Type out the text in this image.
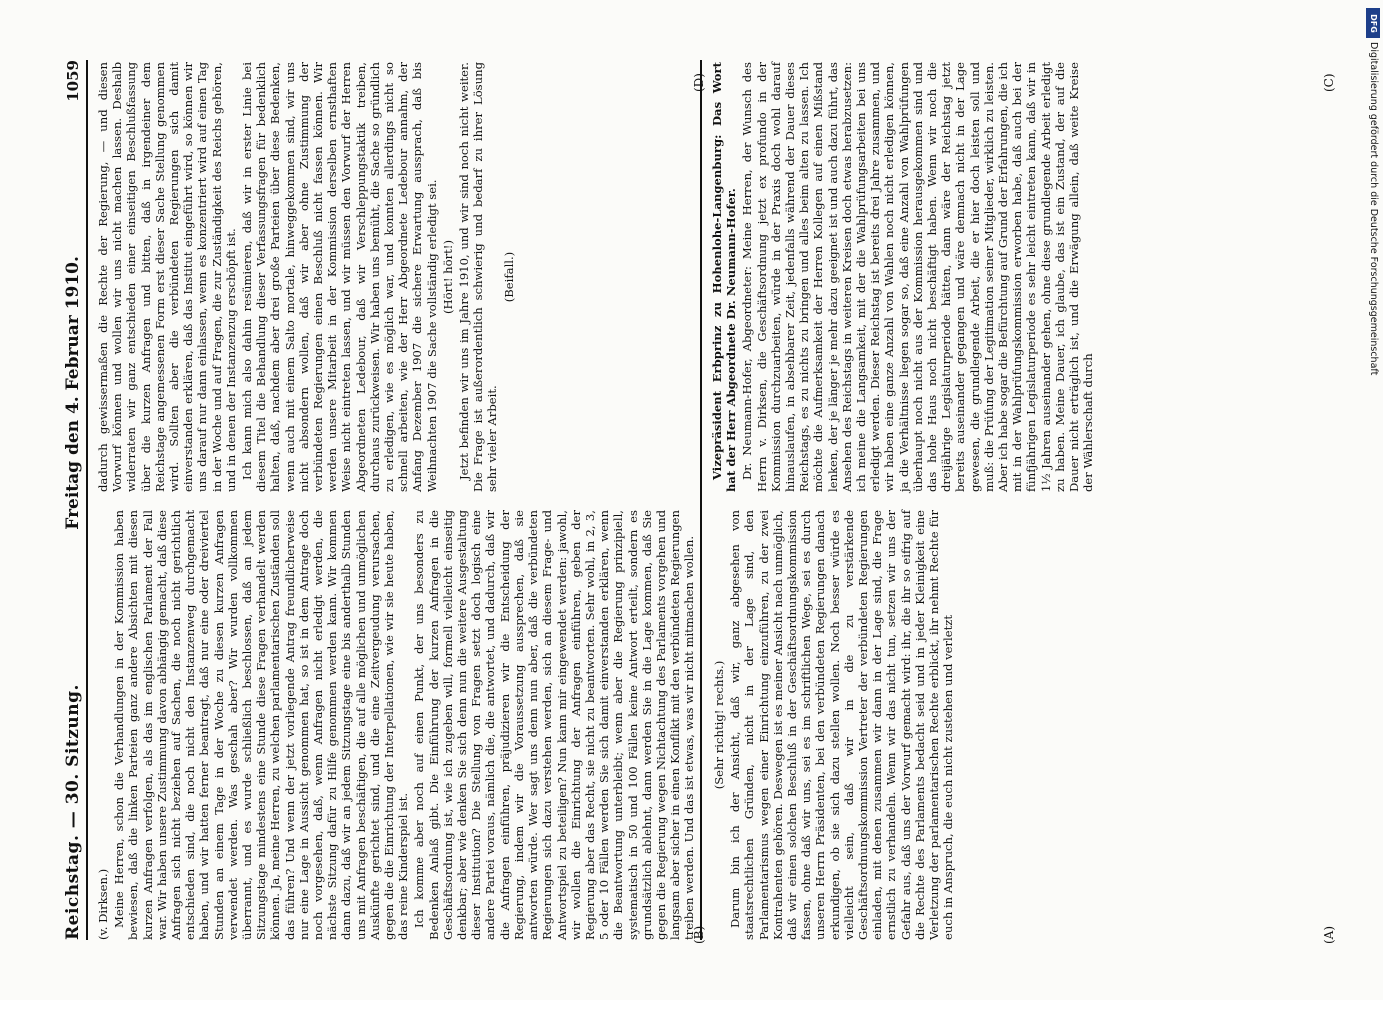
Reichstag. — 30. Sitzung.
Freitag den 4. Februar 1910.
1059

(v. Dirksen.) Meine Herren, schon die Verhandlungen in der Kommission haben bewiesen, daß die linken Parteien ganz andere Absichten mit diesen kurzen Anfragen verfolgen, als das im englischen Parlament der Fall war. Wir haben unsere Zustimmung davon abhängig gemacht, daß diese Anfragen sich nicht beziehen auf Sachen, die noch nicht gerichtlich entschieden sind, die noch nicht den Instanzenweg durchgemacht haben, und wir hatten ferner beantragt, daß nur eine oder dreiviertel Stunden an einem Tage in der Woche zu diesen kurzen Anfragen verwendet werden. Was geschah aber? Wir wurden vollkommen überrannt, und es wurde schließlich beschlossen, daß an jedem Sitzungstage mindestens eine Stunde diese Fragen verhandelt werden können. Ja, meine Herren, zu welchen parlamentarischen Zuständen soll das führen? Und wenn der jetzt vorliegende Antrag freundlicherweise nur eine Lage in Aussicht genommen hat, so ist in dem Antrage doch noch vorgesehen, daß, wenn Anfragen nicht erledigt werden, die nächste Sitzung dafür zu Hilfe genommen werden kann. Wir kommen dann dazu, daß wir an jedem Sitzungstage eine bis anderthalb Stunden uns mit Anfragen beschäftigen, die auf alle möglichen und unmöglichen Auskünfte gerichtet sind, und die eine Zeitvergeudung verursachen, gegen die die Einrichtung der Interpellationen, wie wir sie heute haben, das reine Kinderspiel ist. Ich komme aber noch auf einen Punkt, der uns besonders zu Bedenken Anlaß gibt. Die Einführung der kurzen Anfragen in die Geschäftsordnung ist, wie ich zugeben will, formell vielleicht einseitig denkbar; aber wie denken Sie sich denn nun die weitere Ausgestaltung dieser Institution? Die Stellung von Fragen setzt doch logisch eine andere Partei voraus, nämlich die, die antwortet, und dadurch, daß wir die Anfragen einführen, präjudizieren wir die Entscheidung der Regierung, indem wir die Voraussetzung aussprechen, daß sie antworten würde. Wer sagt uns denn nun aber, daß die verbündeten Regierungen sich dazu verstehen werden, sich an diesem Frage- und Antwortspiel zu beteiligen? Nun kann mir eingewendet werden: jawohl, wir wollen die Einrichtung der Anfragen einführen, geben der Regierung aber das Recht, sie nicht zu beantworten. Sehr wohl, in 2, 3, 5 oder 10 Fällen werden Sie sich damit einverstanden erklären, wenn die Beantwortung unterbleibt; wenn aber die Regierung prinzipiell, systematisch in 50 und 100 Fällen keine Antwort erteilt, sondern es grundsätzlich ablehnt, dann werden Sie in die Lage kommen, daß Sie gegen die Regierung wegen Nichtachtung des Parlaments vorgehen und langsam aber sicher in einen Konflikt mit den verbündeten Regierungen treiben werden. Und das ist etwas, was wir nicht mitmachen wollen. (Sehr richtig! rechts.) Darum bin ich der Ansicht, daß wir, ganz abgesehen von staatsrechtlichen Gründen, nicht in der Lage sind, den Parlamentarismus wegen einer Einrichtung einzuführen, zu der zwei Kontrahenten gehören. Deswegen ist es meiner Ansicht nach unmöglich, daß wir einen solchen Beschluß in der Geschäftsordnungskommission fassen, ohne daß wir uns, sei es im schriftlichen Wege, sei es durch unseren Herrn Präsidenten, bei den verbündeten Regierungen danach erkundigen, ob sie sich dazu stellen wollen. Noch besser würde es vielleicht sein, daß wir in die zu verstärkende Geschäftsordnungskommission Vertreter der verbündeten Regierungen einladen, mit denen zusammen wir dann in der Lage sind, die Frage ernstlich zu verhandeln. Wenn wir das nicht tun, setzen wir uns der Gefahr aus, daß uns der Vorwurf gemacht wird: ihr, die ihr so eifrig auf die Rechte des Parlaments bedacht seid und in jeder Kleinigkeit eine Verletzung der parlamentarischen Rechte erblickt, ihr nehmt Rechte für euch in Anspruch, die euch nicht zustehen und verletzt

dadurch gewissermaßen die Rechte der Regierung, — und diesen Vorwurf können und wollen wir uns nicht machen lassen. Deshalb widerraten wir ganz entschieden einer einseitigen Beschlußfassung über die kurzen Anfragen und bitten, daß in irgendeiner dem Reichstage angemessenen Form erst dieser Sache Stellung genommen wird. Sollten aber die verbündeten Regierungen sich damit einverstanden erklären, daß das Institut eingeführt wird, so können wir uns darauf nur dann einlassen, wenn es konzentriert wird auf einen Tag in der Woche und auf Fragen, die zur Zuständigkeit des Reichs gehören, und in denen der Instanzenzug erschöpft ist. Ich kann mich also dahin resümieren, daß wir in erster Linie bei diesem Titel die Behandlung dieser Verfassungsfragen für bedenklich halten, daß, nachdem aber drei große Parteien über diese Bedenken, wenn auch mit einem Salto mortale, hinweggekommen sind, wir uns nicht absondern wollen, daß wir aber ohne Zustimmung der verbündeten Regierungen einen Beschluß nicht fassen können. Wir werden unsere Mitarbeit in der Kommission derselben ernsthaften Weise nicht eintreten lassen, und wir müssen den Vorwurf der Herren Abgeordneten Ledebour, daß wir Verschleppungstaktik treiben, durchaus zurückweisen. Wir haben uns bemüht, die Sache so gründlich zu erledigen, wie es möglich war, und konnten allerdings nicht so schnell arbeiten, wie der Herr Abgeordnete Ledebour annahm, der Anfang Dezember 1907 die sichere Erwartung aussprach, daß bis Weihnachten 1907 die Sache vollständig erledigt sei. (Hört! hört!) Jetzt befinden wir uns im Jahre 1910, und wir sind noch nicht weiter. Die Frage ist außerordentlich schwierig und bedarf zu ihrer Lösung sehr vieler Arbeit.

(Beifall.)	Vizepräsident Erbprinz zu Hohenlohe-Langenburg: Das Wort hat der Herr Abgeordnete Dr. Neumann-Hofer. Dr. Neumann-Hofer, Abgeordneter: Meine Herren, der Wunsch des Herrn v. Dirksen, die Geschäftsordnung jetzt ex profundo in der Kommission durchzuarbeiten, würde in der Praxis doch wohl darauf hinauslaufen, in absehbarer Zeit, jedenfalls während der Dauer dieses Reichstags, es zu nichts zu bringen und alles beim alten zu lassen. Ich möchte die Aufmerksamkeit der Herren Kollegen auf einen Mißstand lenken, der je länger je mehr dazu geeignet ist und auch dazu führt, das Ansehen des Reichstags in weiteren Kreisen doch etwas herabzusetzen: ich meine die Langsamkeit, mit der die Wahlprüfungsarbeiten bei uns erledigt werden. Dieser Reichstag ist bereits drei Jahre zusammen, und wir haben eine ganze Anzahl von Wahlen noch nicht erledigen können, ja die Verhältnisse liegen sogar so, daß eine Anzahl von Wahlprüfungen überhaupt noch nicht aus der Kommission herausgekommen sind und das hohe Haus noch nicht beschäftigt haben. Wenn wir noch die dreijährige Legislaturperiode hätten, dann wäre der Reichstag jetzt bereits auseinander gegangen und wäre demnach nicht in der Lage gewesen, die grundlegende Arbeit, die er hier doch leisten soll und muß: die Prüfung der Legitimation seiner Mitglieder, wirklich zu leisten. Aber ich habe sogar die Befürchtung auf Grund der Erfahrungen, die ich mit in der Wahlprüfungskommission erworben habe, daß auch bei der fünfjährigen Legislaturperiode es sehr leicht eintreten kann, daß wir in 1½ Jahren auseinander gehen, ohne diese grundlegende Arbeit erledigt zu haben. Meine Dauer, ich glaube, das ist ein Zustand, der auf die Dauer nicht erträglich ist, und die Erwägung allein, daß weite Kreise der Wählerschaft durch

(A)
(B)
(C)
(D)
DFG
Digitalisierung gefördert durch die Deutsche Forschungsgemeinschaft
